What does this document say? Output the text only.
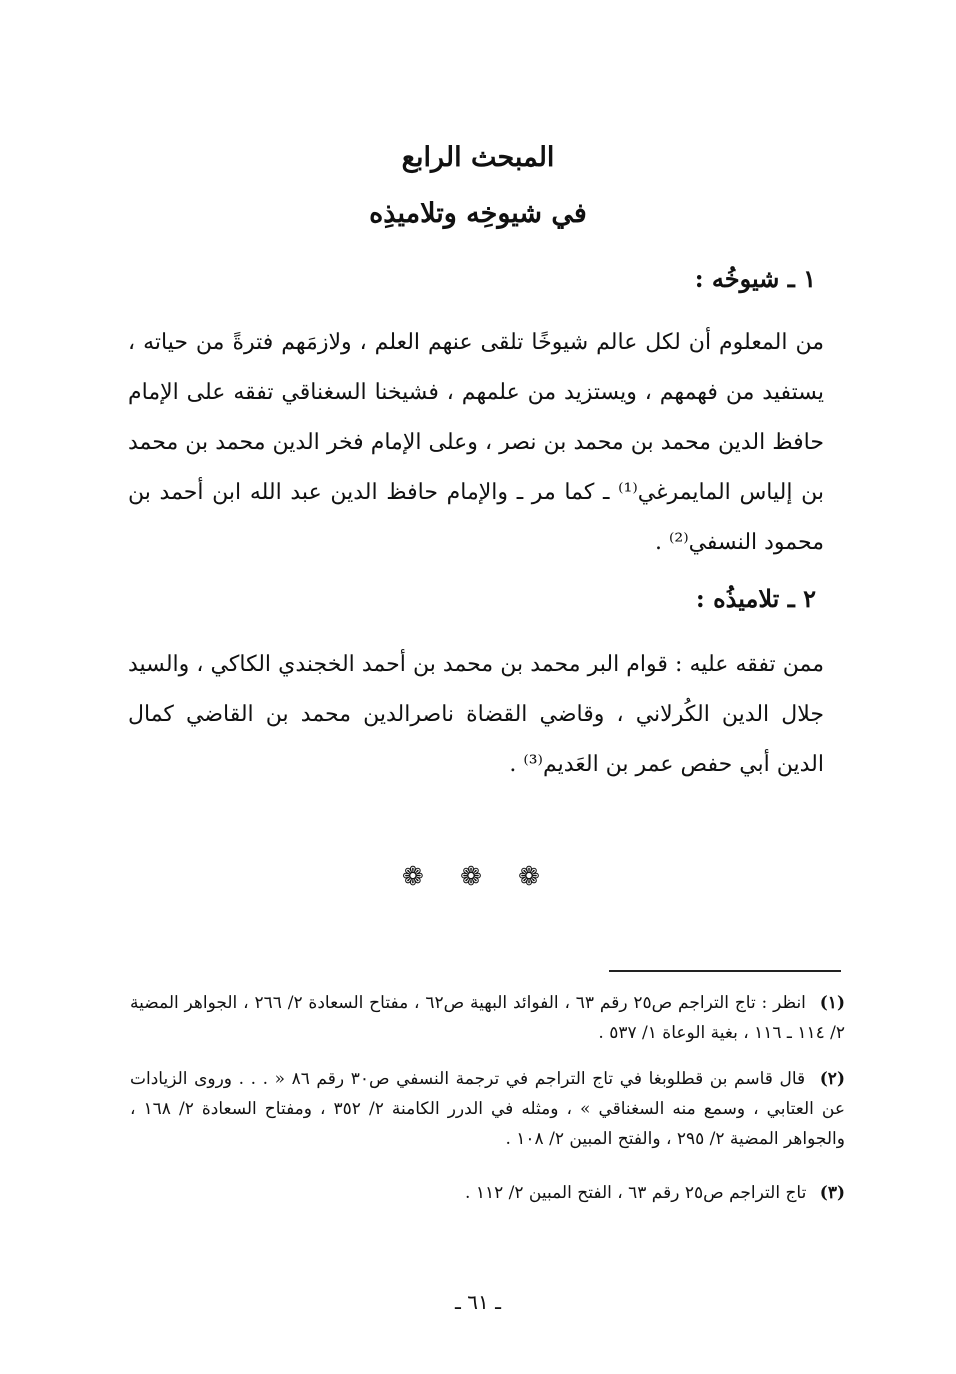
المبحث الرابع
في شيوخِه وتلاميذِه
١ ـ شيوخُه :
من المعلوم أن لكل عالم شيوخًا تلقى عنهم العلم ، ولازمَهم فترةً من حياته ، يستفيد من فهمهم ، ويستزيد من علمهم ، فشيخنا السغناقي تفقه على الإمام حافظ الدين محمد بن محمد بن نصر ، وعلى الإمام فخر الدين محمد بن محمد بن إلياس المايمرغي⁽¹⁾ ـ كما مر ـ والإمام حافظ الدين عبد الله ابن أحمد بن محمود النسفي⁽²⁾ .
٢ ـ تلاميذُه :
ممن تفقه عليه : قوام البر محمد بن محمد بن أحمد الخجندي الكاكي ، والسيد جلال الدين الكُرلاني ، وقاضي القضاة ناصرالدين محمد بن القاضي كمال الدين أبي حفص عمر بن العَديم⁽³⁾ .
❁ ❁ ❁
(١) انظر : تاج التراجم ص٢٥ رقم ٦٣ ، الفوائد البهية ص٦٢ ، مفتاح السعادة ٢/ ٢٦٦ ، الجواهر المضية ٢/ ١١٤ ـ ١١٦ ، بغية الوعاة ١/ ٥٣٧ .
(٢) قال قاسم بن قطلوبغا في تاج التراجم في ترجمة النسفي ص٣٠ رقم ٨٦ « . . . وروى الزيادات عن العتابي ، وسمع منه السغناقي » ، ومثله في الدرر الكامنة ٢/ ٣٥٢ ، ومفتاح السعادة ٢/ ١٦٨ ، والجواهر المضية ٢/ ٢٩٥ ، والفتح المبين ٢/ ١٠٨ .
(٣) تاج التراجم ص٢٥ رقم ٦٣ ، الفتح المبين ٢/ ١١٢ .
ـ ٦١ ـ
